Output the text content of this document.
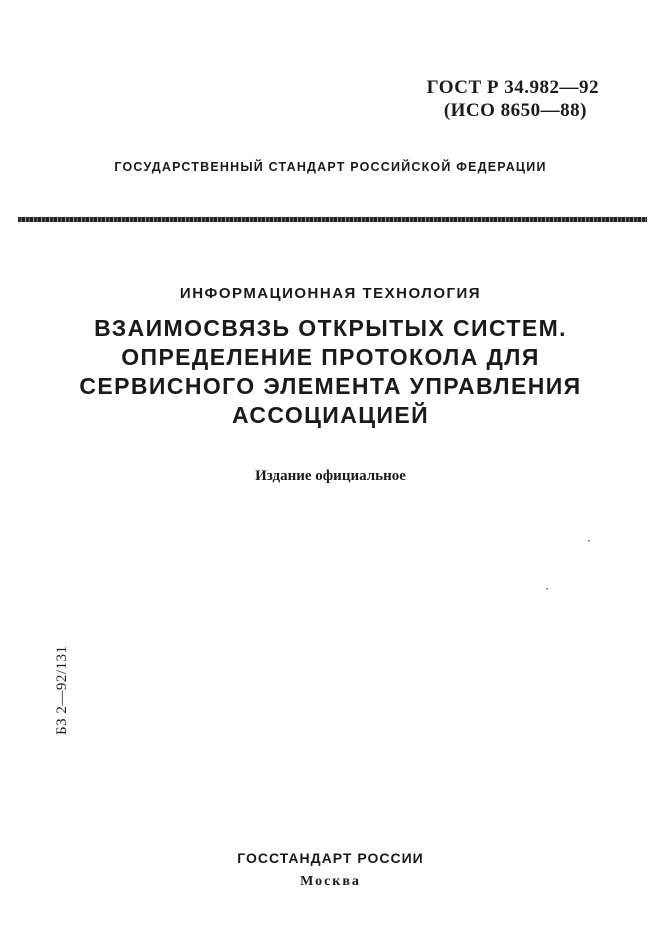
ГОСТ Р 34.982—92
(ИСО 8650—88)
ГОСУДАРСТВЕННЫЙ СТАНДАРТ РОССИЙСКОЙ ФЕДЕРАЦИИ
ИНФОРМАЦИОННАЯ ТЕХНОЛОГИЯ
ВЗАИМОСВЯЗЬ ОТКРЫТЫХ СИСТЕМ.
ОПРЕДЕЛЕНИЕ ПРОТОКОЛА ДЛЯ
СЕРВИСНОГО ЭЛЕМЕНТА УПРАВЛЕНИЯ
АССОЦИАЦИЕЙ
Издание официальное
БЗ 2—92/131
ГОССТАНДАРТ РОССИИ
Москва
